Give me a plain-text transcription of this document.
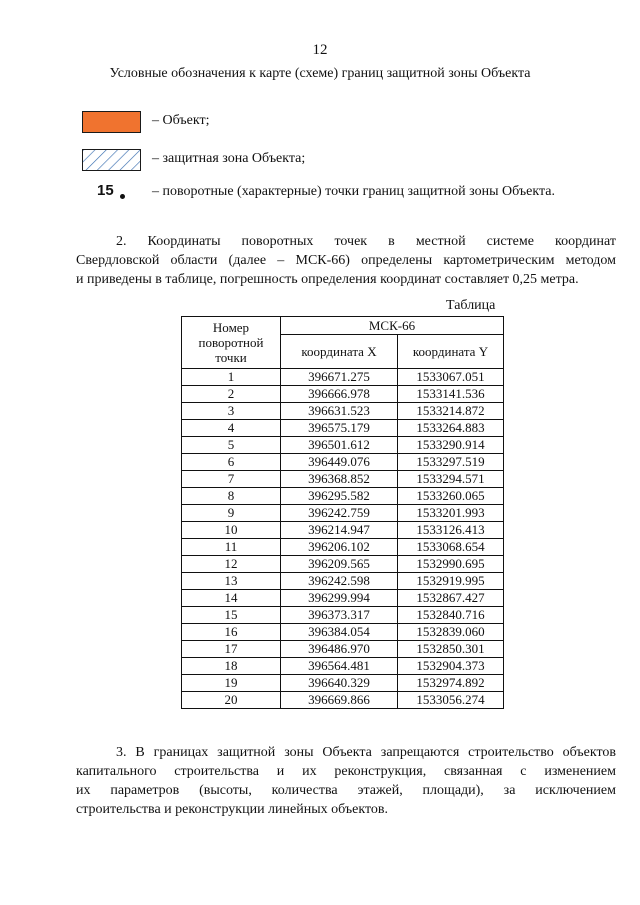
12
Условные обозначения к карте (схеме) границ защитной зоны Объекта
– Объект;
– защитная зона Объекта;
15	– поворотные (характерные) точки границ защитной зоны Объекта.
2. Координаты поворотных точек в местной системе координат
Свердловской области (далее – МСК-66) определены картометрическим методом
и приведены в таблице, погрешность определения координат составляет 0,25 метра.
Таблица
Номер поворотной точки	МСК-66	
	координата X	координата Y
1	396671.275	1533067.051
2	396666.978	1533141.536
3	396631.523	1533214.872
4	396575.179	1533264.883
5	396501.612	1533290.914
6	396449.076	1533297.519
7	396368.852	1533294.571
8	396295.582	1533260.065
9	396242.759	1533201.993
10	396214.947	1533126.413
11	396206.102	1533068.654
12	396209.565	1532990.695
13	396242.598	1532919.995
14	396299.994	1532867.427
15	396373.317	1532840.716
16	396384.054	1532839.060
17	396486.970	1532850.301
18	396564.481	1532904.373
19	396640.329	1532974.892
20	396669.866	1533056.274
3. В границах защитной зоны Объекта запрещаются строительство объектов
капитального строительства и их реконструкция, связанная с изменением
их параметров (высоты, количества этажей, площади), за исключением
строительства и реконструкции линейных объектов.
